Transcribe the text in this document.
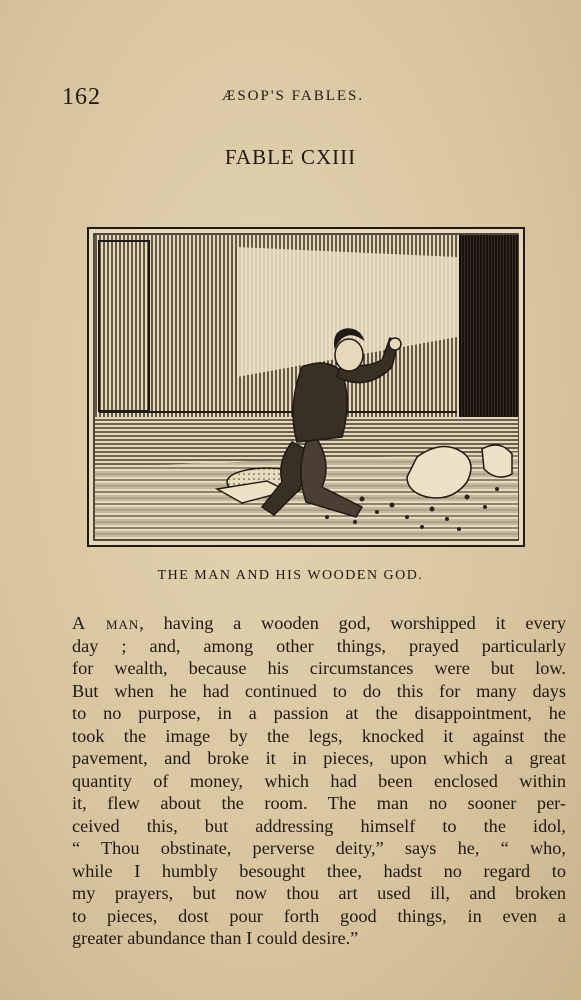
162	ÆSOP'S FABLES.
FABLE CXIII
THE MAN AND HIS WOODEN GOD.
A man, having a wooden god, worshipped it every
day ; and, among other things, prayed particularly
for wealth, because his circumstances were but low.
But when he had continued to do this for many days
to no purpose, in a passion at the disappointment, he
took the image by the legs, knocked it against the
pavement, and broke it in pieces, upon which a great
quantity of money, which had been enclosed within
it, flew about the room. The man no sooner per-
ceived this, but addressing himself to the idol,
“ Thou obstinate, perverse deity,” says he, “ who,
while I humbly besought thee, hadst no regard to
my prayers, but now thou art used ill, and broken
to pieces, dost pour forth good things, in even a
greater abundance than I could desire.”
